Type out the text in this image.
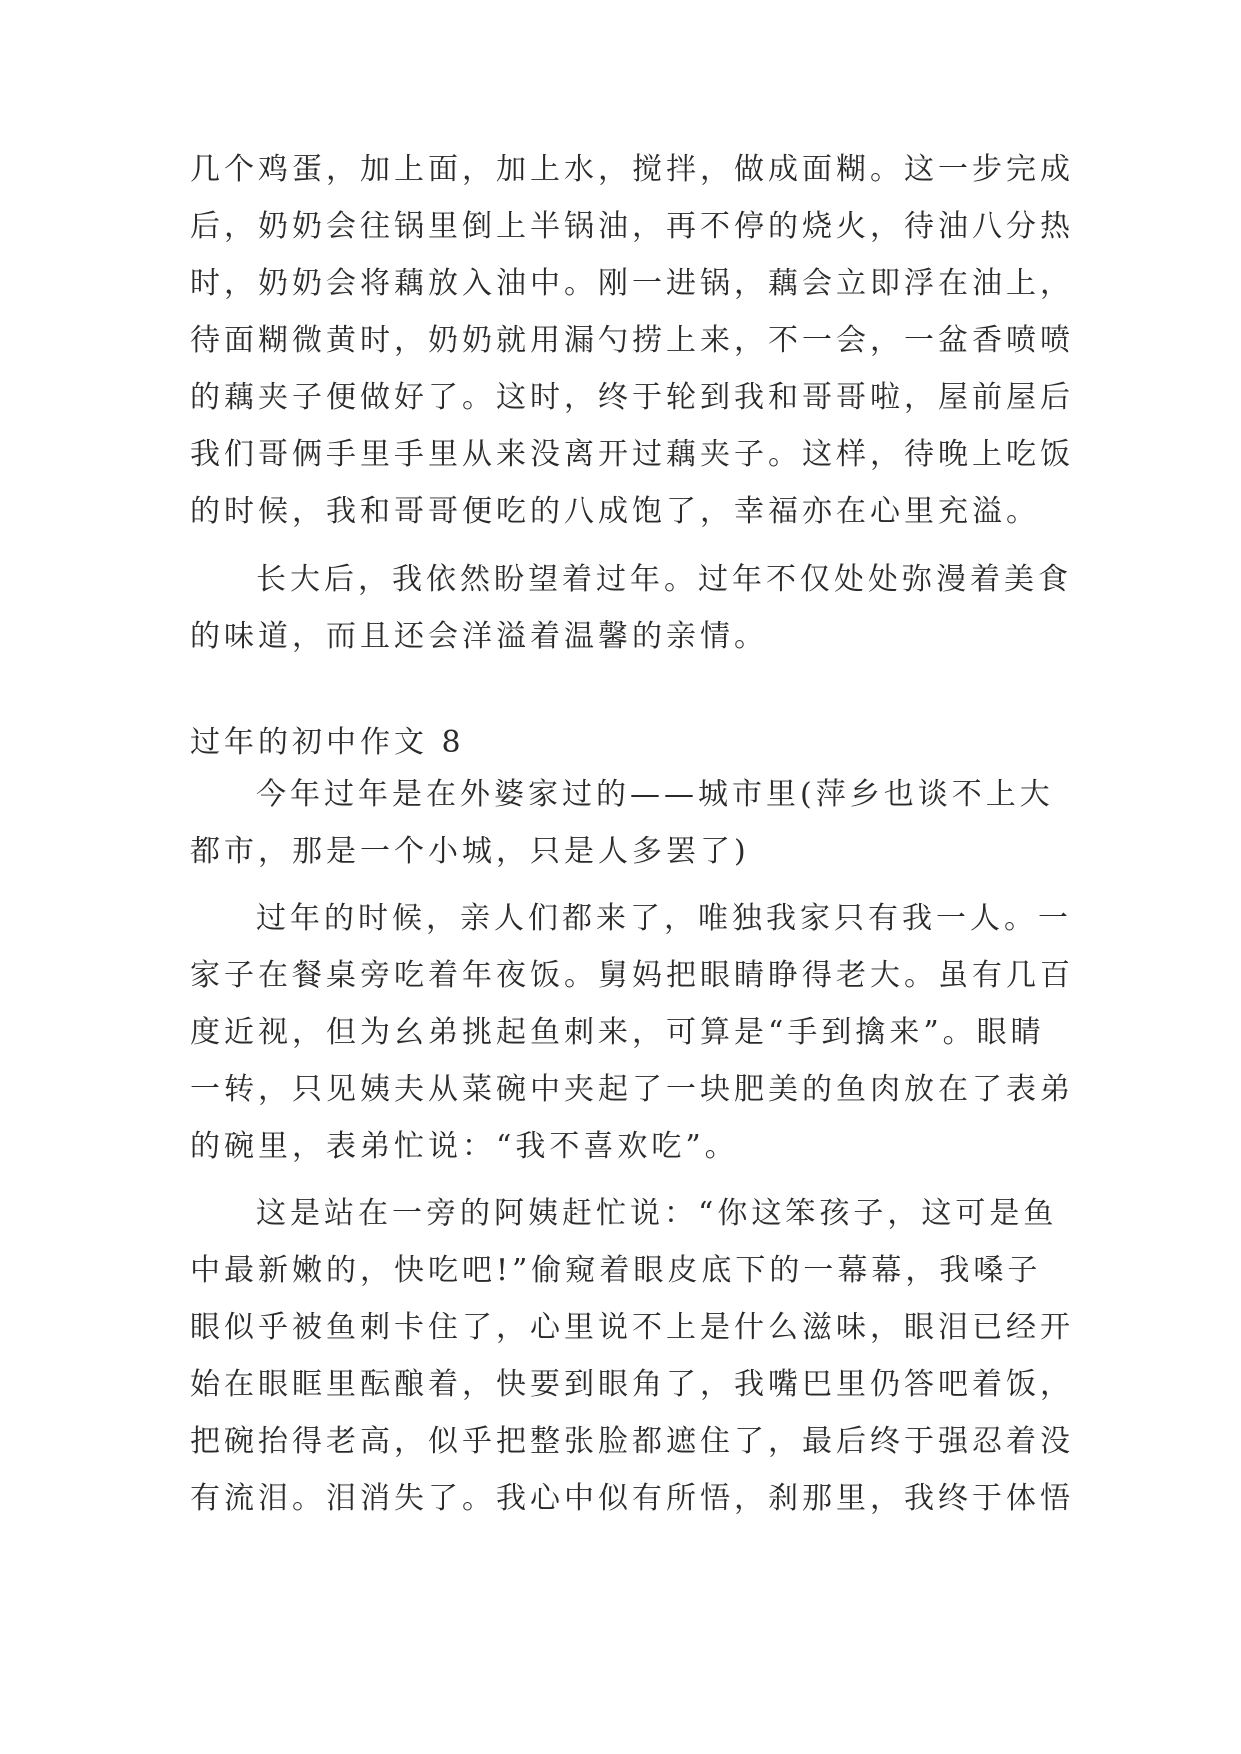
几个鸡蛋，加上面，加上水，搅拌，做成面糊。这一步完成
后，奶奶会往锅里倒上半锅油，再不停的烧火，待油八分热
时，奶奶会将藕放入油中。刚一进锅，藕会立即浮在油上，
待面糊微黄时，奶奶就用漏勺捞上来，不一会，一盆香喷喷
的藕夹子便做好了。这时，终于轮到我和哥哥啦，屋前屋后
我们哥俩手里手里从来没离开过藕夹子。这样，待晚上吃饭
的时候，我和哥哥便吃的八成饱了，幸福亦在心里充溢。
长大后，我依然盼望着过年。过年不仅处处弥漫着美食
的味道，而且还会洋溢着温馨的亲情。
过年的初中作文 8
今年过年是在外婆家过的——城市里(萍乡也谈不上大
都市，那是一个小城，只是人多罢了)
过年的时候，亲人们都来了，唯独我家只有我一人。一
家子在餐桌旁吃着年夜饭。舅妈把眼睛睁得老大。虽有几百
度近视，但为幺弟挑起鱼刺来，可算是“手到擒来”。眼睛
一转，只见姨夫从菜碗中夹起了一块肥美的鱼肉放在了表弟
的碗里，表弟忙说：“我不喜欢吃”。
这是站在一旁的阿姨赶忙说：“你这笨孩子，这可是鱼
中最新嫩的，快吃吧!”偷窥着眼皮底下的一幕幕，我嗓子
眼似乎被鱼刺卡住了，心里说不上是什么滋味，眼泪已经开
始在眼眶里酝酿着，快要到眼角了，我嘴巴里仍答吧着饭，
把碗抬得老高，似乎把整张脸都遮住了，最后终于强忍着没
有流泪。泪消失了。我心中似有所悟，刹那里，我终于体悟
